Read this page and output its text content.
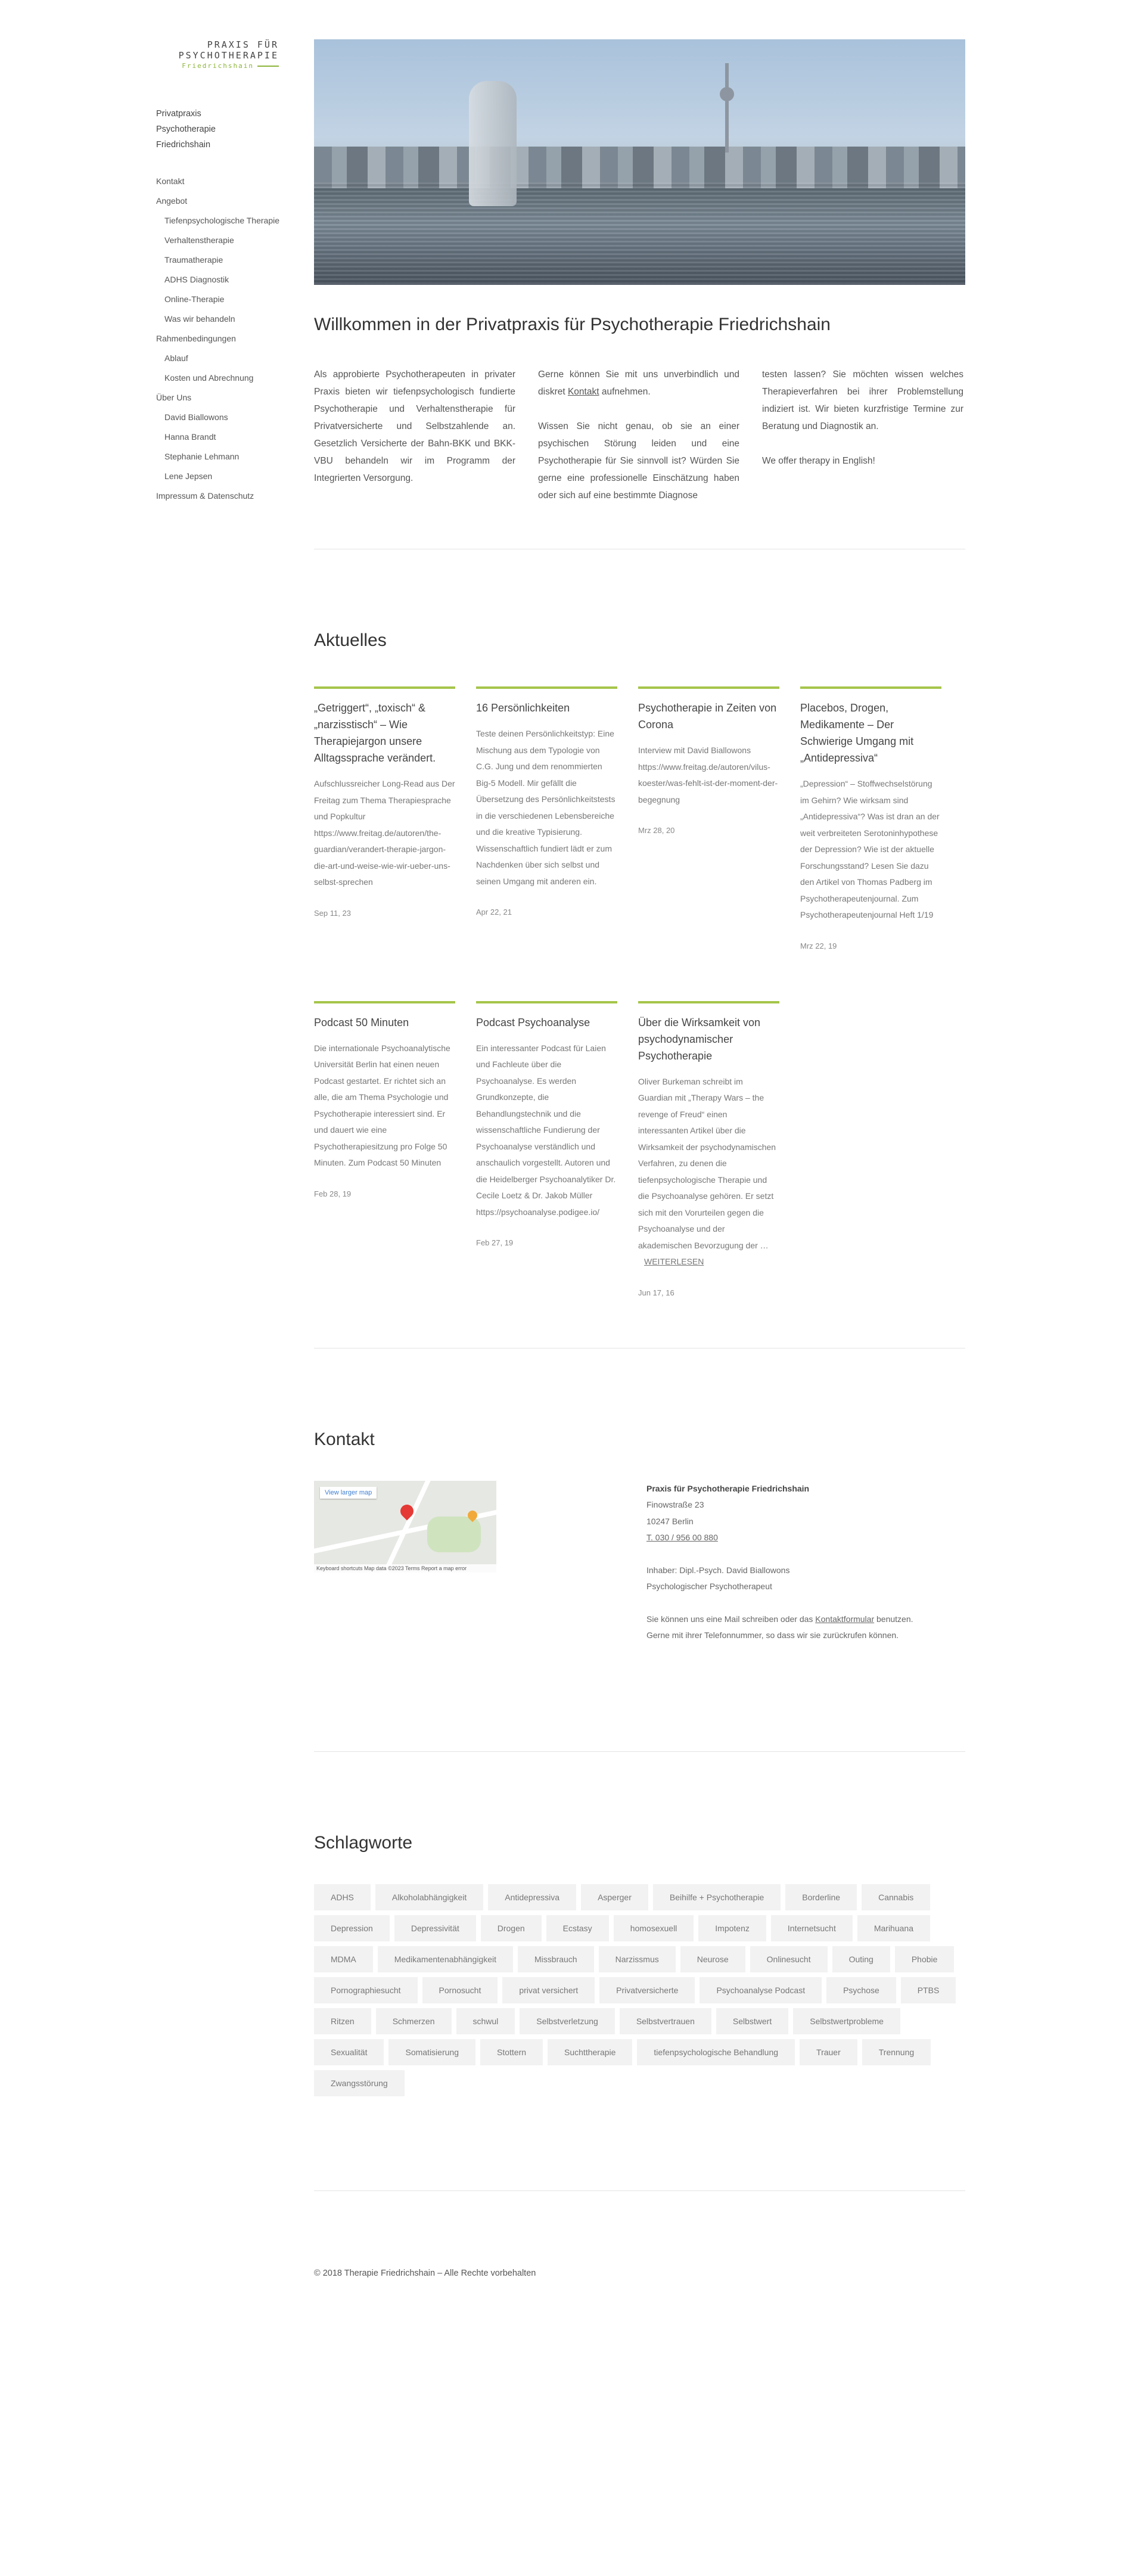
PRAXIS FÜR
PSYCHOTHERAPIE
Friedrichshain
Privatpraxis Psychotherapie Friedrichshain
Kontakt
Angebot
Tiefenpsychologische Therapie
Verhaltenstherapie
Traumatherapie
ADHS Diagnostik
Online-Therapie
Was wir behandeln
Rahmenbedingungen
Ablauf
Kosten und Abrechnung
Über Uns
David Biallowons
Hanna Brandt
Stephanie Lehmann
Lene Jepsen
Impressum & Datenschutz
Willkommen in der Privatpraxis für Psychotherapie Friedrichshain

Als approbierte Psychotherapeuten in privater Praxis bieten wir tiefenpsychologisch fundierte Psychotherapie und Verhaltenstherapie für Privatversicherte und Selbstzahlende an. Gesetzlich Versicherte der Bahn-BKK und BKK-VBU behandeln wir im Programm der Integrierten Versorgung.

Gerne können Sie mit uns unverbindlich und diskret Kontakt aufnehmen.

Wissen Sie nicht genau, ob sie an einer psychischen Störung leiden und eine Psychotherapie für Sie sinnvoll ist? Würden Sie gerne eine professionelle Einschätzung haben oder sich auf eine bestimmte Diagnose

testen lassen? Sie möchten wissen welches Therapieverfahren bei ihrer Problemstellung indiziert ist. Wir bieten kurzfristige Termine zur Beratung und Diagnostik an.

We offer therapy in English!

Aktuelles
„Getriggert“, „toxisch“ & „narzisstisch“ – Wie Therapiejargon unsere Alltagssprache verändert.
Aufschlussreicher Long-Read aus Der Freitag zum Thema Therapiesprache und Popkultur https://www.freitag.de/autoren/the-guardian/verandert-therapie-jargon-die-art-und-weise-wie-wir-ueber-uns-selbst-sprechen
Sep 11, 23
16 Persönlichkeiten
Teste deinen Persönlichkeitstyp: Eine Mischung aus dem Typologie von C.G. Jung und dem renommierten Big-5 Modell. Mir gefällt die Übersetzung des Persönlichkeitstests in die verschiedenen Lebensbereiche und die kreative Typisierung. Wissenschaftlich fundiert lädt er zum Nachdenken über sich selbst und seinen Umgang mit anderen ein.
Apr 22, 21
Psychotherapie in Zeiten von Corona
Interview mit David Biallowons https://www.freitag.de/autoren/vilus-koester/was-fehlt-ist-der-moment-der-begegnung
Mrz 28, 20
Placebos, Drogen, Medikamente – Der Schwierige Umgang mit „Antidepressiva“
„Depression“ – Stoffwechselstörung im Gehirn? Wie wirksam sind „Antidepressiva“? Was ist dran an der weit verbreiteten Serotoninhypothese der Depression? Wie ist der aktuelle Forschungsstand? Lesen Sie dazu den Artikel von Thomas Padberg im Psychotherapeutenjournal. Zum Psychotherapeutenjournal Heft 1/19
Mrz 22, 19
Podcast 50 Minuten
Die internationale Psychoanalytische Universität Berlin hat einen neuen Podcast gestartet. Er richtet sich an alle, die am Thema Psychologie und Psychotherapie interessiert sind. Er und dauert wie eine Psychotherapiesitzung pro Folge 50 Minuten. Zum Podcast 50 Minuten
Feb 28, 19
Podcast Psychoanalyse
Ein interessanter Podcast für Laien und Fachleute über die Psychoanalyse. Es werden Grundkonzepte, die Behandlungstechnik und die wissenschaftliche Fundierung der Psychoanalyse verständlich und anschaulich vorgestellt. Autoren und die Heidelberger Psychoanalytiker Dr. Cecile Loetz & Dr. Jakob Müller https://psychoanalyse.podigee.io/
Feb 27, 19
Über die Wirksamkeit von psychodynamischer Psychotherapie
Oliver Burkeman schreibt im Guardian mit „Therapy Wars – the revenge of Freud“ einen interessanten Artikel über die Wirksamkeit der psychodynamischen Verfahren, zu denen die tiefenpsychologische Therapie und die Psychoanalyse gehören. Er setzt sich mit den Vorurteilen gegen die Psychoanalyse und der akademischen Bevorzugung der … WEITERLESEN
Jun 17, 16
Kontakt
View larger map
Keyboard shortcuts Map data ©2023 Terms Report a map error
Praxis für Psychotherapie Friedrichshain
Finowstraße 23
10247 Berlin
T. 030 / 956 00 880
Inhaber: Dipl.-Psych. David Biallowons
Psychologischer Psychotherapeut
Sie können uns eine Mail schreiben oder das Kontaktformular benutzen. Gerne mit ihrer Telefonnummer, so dass wir sie zurückrufen können.
Schlagworte
ADHS	Alkoholabhängigkeit	Antidepressiva	Asperger	Beihilfe + Psychotherapie	Borderline	Cannabis
Depression	Depressivität	Drogen	Ecstasy	homosexuell	Impotenz	Internetsucht	Marihuana
MDMA	Medikamentenabhängigkeit	Missbrauch	Narzissmus	Neurose	Onlinesucht	Outing	Phobie
Pornographiesucht	Pornosucht	privat versichert	Privatversicherte	Psychoanalyse Podcast	Psychose	PTBS
Ritzen	Schmerzen	schwul	Selbstverletzung	Selbstvertrauen	Selbstwert	Selbstwertprobleme
Sexualität	Somatisierung	Stottern	Suchttherapie	tiefenpsychologische Behandlung	Trauer	Trennung
Zwangsstörung
© 2018 Therapie Friedrichshain – Alle Rechte vorbehalten
